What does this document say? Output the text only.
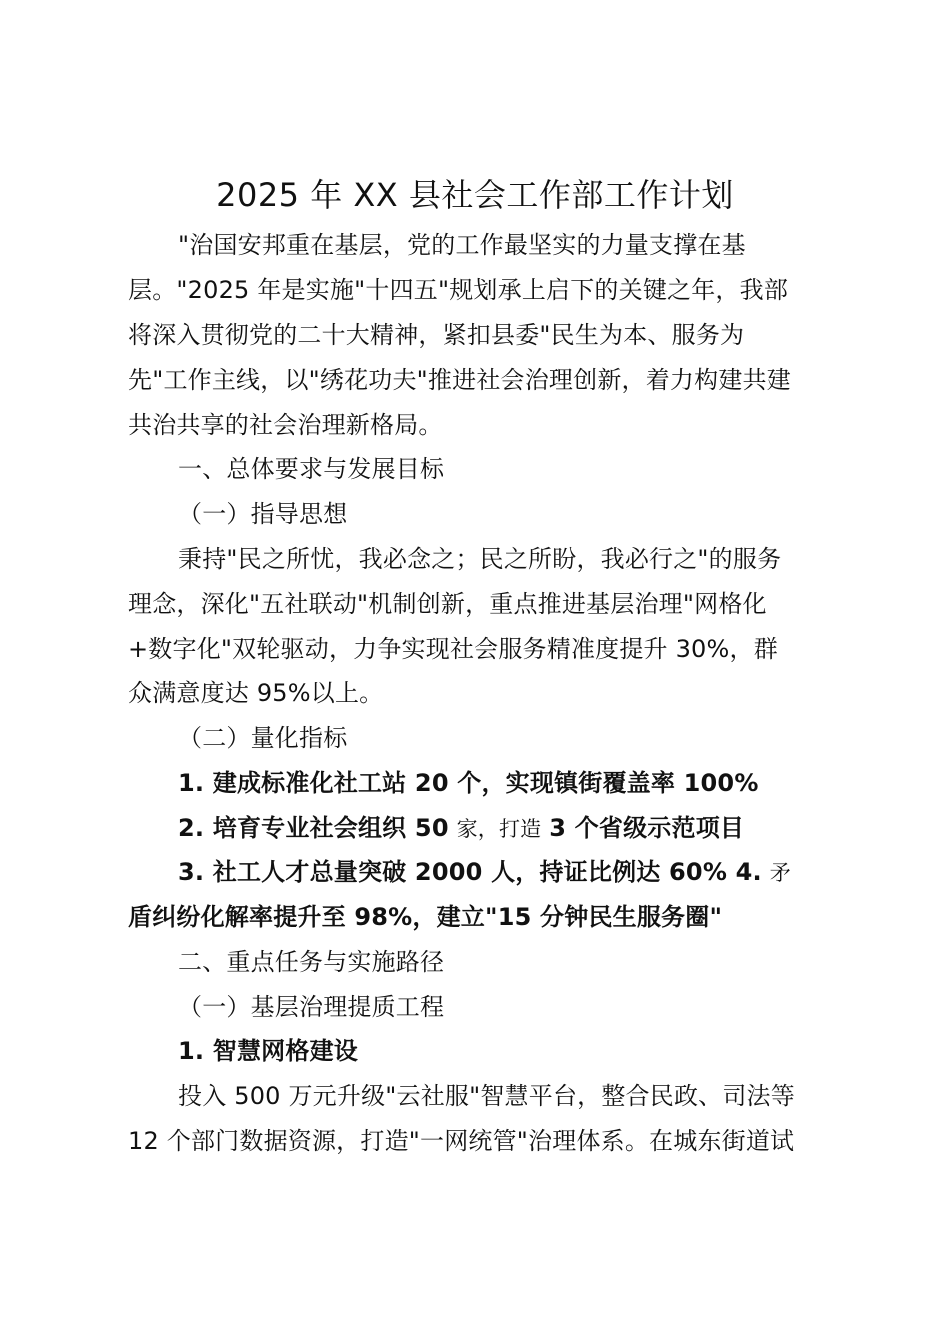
2025 年 XX 县社会工作部工作计划
"治国安邦重在基层，党的工作最坚实的力量支撑在基
层。"2025 年是实施"十四五"规划承上启下的关键之年，我部
将深入贯彻党的二十大精神，紧扣县委"民生为本、服务为
先"工作主线，以"绣花功夫"推进社会治理创新，着力构建共建
共治共享的社会治理新格局。
一、总体要求与发展目标
（一）指导思想
秉持"民之所忧，我必念之；民之所盼，我必行之"的服务
理念，深化"五社联动"机制创新，重点推进基层治理"网格化
+数字化"双轮驱动，力争实现社会服务精准度提升 30%，群
众满意度达 95%以上。
（二）量化指标
1. 建成标准化社工站 20 个，实现镇街覆盖率 100%
2. 培育专业社会组织 50 家，打造 3 个省级示范项目
3. 社工人才总量突破 2000 人，持证比例达 60% 4. 矛
盾纠纷化解率提升至 98%，建立"15 分钟民生服务圈"
二、重点任务与实施路径
（一）基层治理提质工程
1. 智慧网格建设
投入 500 万元升级"云社服"智慧平台，整合民政、司法等
12 个部门数据资源，打造"一网统管"治理体系。在城东街道试
